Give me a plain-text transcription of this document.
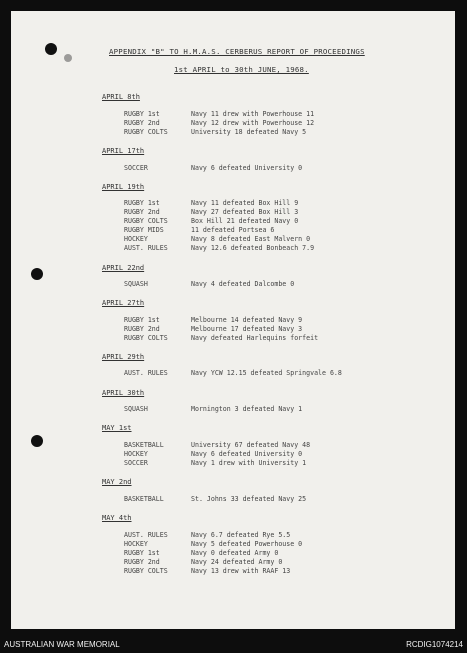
APPENDIX "B" TO H.M.A.S. CERBERUS REPORT OF PROCEEDINGS
1st APRIL to 30th JUNE, 1968.
APRIL 8th
RUGBY 1st	Navy 11 drew with Powerhouse 11
RUGBY 2nd	Navy 12 drew with Powerhouse 12
RUGBY COLTS	University 18 defeated Navy 5
APRIL 17th
SOCCER	Navy 6 defeated University 0
APRIL 19th
RUGBY 1st	Navy 11 defeated Box Hill 9
RUGBY 2nd	Navy 27 defeated Box Hill 3
RUGBY COLTS	Box Hill 21 defeated Navy 0
RUGBY MIDS	11 defeated Portsea 6
HOCKEY	Navy 8 defeated East Malvern 0
AUST. RULES	Navy 12.6 defeated Bonbeach 7.9
APRIL 22nd
SQUASH	Navy 4 defeated Dalcombe 0
APRIL 27th
RUGBY 1st	Melbourne 14 defeated Navy 9
RUGBY 2nd	Melbourne 17 defeated Navy 3
RUGBY COLTS	Navy defeated Harlequins forfeit
APRIL 29th
AUST. RULES	Navy YCW 12.15 defeated Springvale 6.8
APRIL 30th
SQUASH	Mornington 3 defeated Navy 1
MAY 1st
BASKETBALL	University 67 defeated Navy 48
HOCKEY	Navy 6 defeated University 0
SOCCER	Navy 1 drew with University 1
MAY 2nd
BASKETBALL	St. Johns 33 defeated Navy 25
MAY 4th
AUST. RULES	Navy 6.7 defeated Rye 5.5
HOCKEY	Navy 5 defeated Powerhouse 0
RUGBY 1st	Navy 0 defeated Army 0
RUGBY 2nd	Navy 24 defeated Army 0
RUGBY COLTS	Navy 13 drew with RAAF 13
AUSTRALIAN WAR MEMORIAL	RCDIG1074214
